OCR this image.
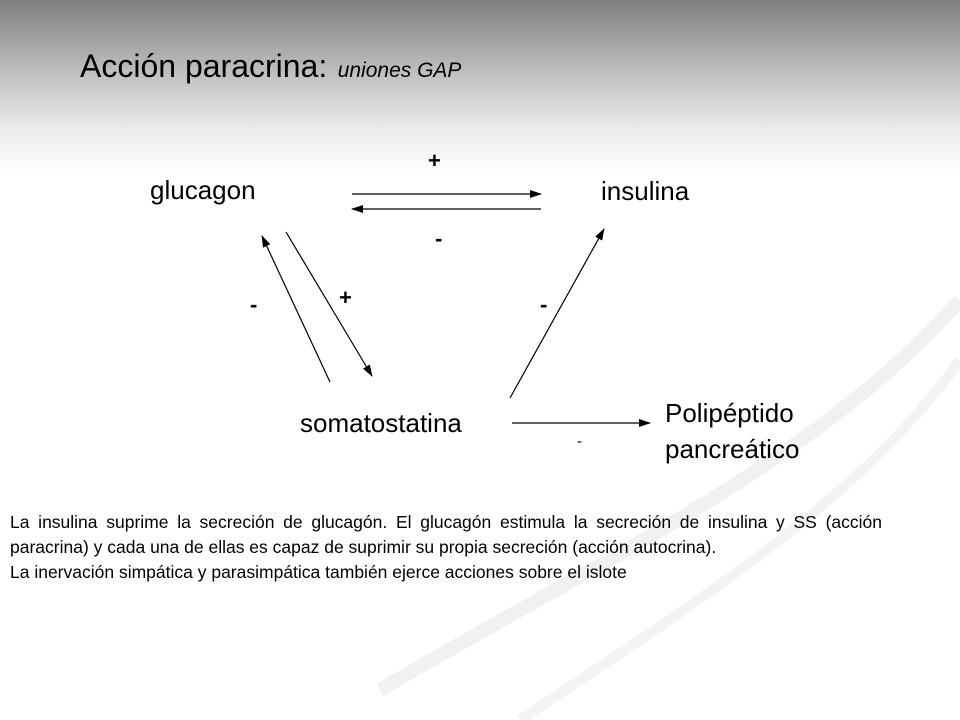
Acción paracrina: uniones GAP
glucagon	insulina
somatostatina	Polipéptido
pancreático
+
-
-	+	-
-

La insulina suprime la secreción de glucagón. El glucagón estimula la secreción de insulina y SS (acción paracrina) y cada una de ellas es capaz de suprimir su propia secreción (acción autocrina).

La inervación simpática y parasimpática también ejerce acciones sobre el islote
